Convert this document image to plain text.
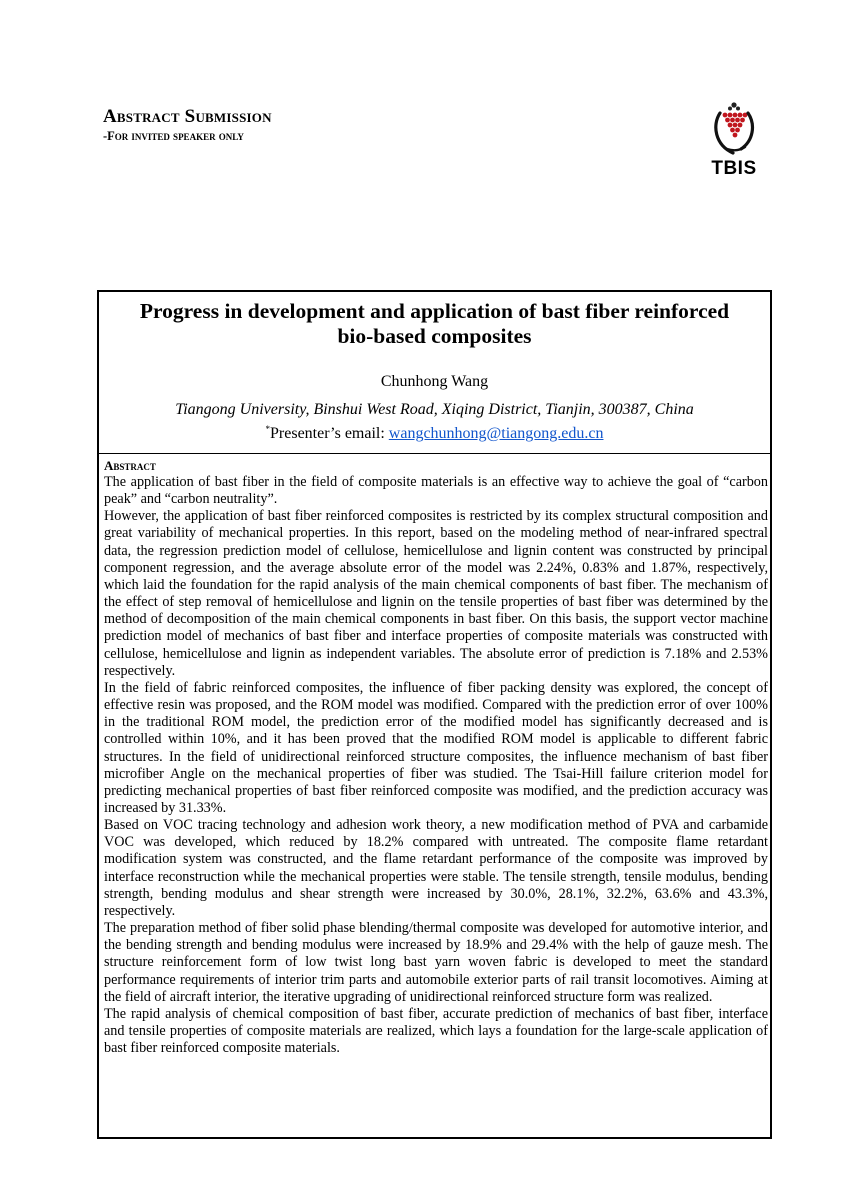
Abstract Submission

-For invited speaker only

TBIS

Progress in development and application of bast fiber reinforced
bio-based composites

Chunhong Wang
Tiangong University, Binshui West Road, Xiqing District, Tianjin, 300387, China
*Presenter’s email: wangchunhong@tiangong.edu.cn

Abstract

The application of bast fiber in the field of composite materials is an effective way to achieve the goal of “carbon peak” and “carbon neutrality”.

However, the application of bast fiber reinforced composites is restricted by its complex structural composition and great variability of mechanical properties. In this report, based on the modeling method of near-infrared spectral data, the regression prediction model of cellulose, hemicellulose and lignin content was constructed by principal component regression, and the average absolute error of the model was 2.24%, 0.83% and 1.87%, respectively, which laid the foundation for the rapid analysis of the main chemical components of bast fiber. The mechanism of the effect of step removal of hemicellulose and lignin on the tensile properties of bast fiber was determined by the method of decomposition of the main chemical components in bast fiber. On this basis, the support vector machine prediction model of mechanics of bast fiber and interface properties of composite materials was constructed with cellulose, hemicellulose and lignin as independent variables. The absolute error of prediction is 7.18% and 2.53% respectively.

In the field of fabric reinforced composites, the influence of fiber packing density was explored, the concept of effective resin was proposed, and the ROM model was modified. Compared with the prediction error of over 100% in the traditional ROM model, the prediction error of the modified model has significantly decreased and is controlled within 10%, and it has been proved that the modified ROM model is applicable to different fabric structures. In the field of unidirectional reinforced structure composites, the influence mechanism of bast fiber microfiber Angle on the mechanical properties of fiber was studied. The Tsai-Hill failure criterion model for predicting mechanical properties of bast fiber reinforced composite was modified, and the prediction accuracy was increased by 31.33%.

Based on VOC tracing technology and adhesion work theory, a new modification method of PVA and carbamide VOC was developed, which reduced by 18.2% compared with untreated. The composite flame retardant modification system was constructed, and the flame retardant performance of the composite was improved by interface reconstruction while the mechanical properties were stable. The tensile strength, tensile modulus, bending strength, bending modulus and shear strength were increased by 30.0%, 28.1%, 32.2%, 63.6% and 43.3%, respectively.

The preparation method of fiber solid phase blending/thermal composite was developed for automotive interior, and the bending strength and bending modulus were increased by 18.9% and 29.4% with the help of gauze mesh. The structure reinforcement form of low twist long bast yarn woven fabric is developed to meet the standard performance requirements of interior trim parts and automobile exterior parts of rail transit locomotives. Aiming at the field of aircraft interior, the iterative upgrading of unidirectional reinforced structure form was realized.

The rapid analysis of chemical composition of bast fiber, accurate prediction of mechanics of bast fiber, interface and tensile properties of composite materials are realized, which lays a foundation for the large-scale application of bast fiber reinforced composite materials.
